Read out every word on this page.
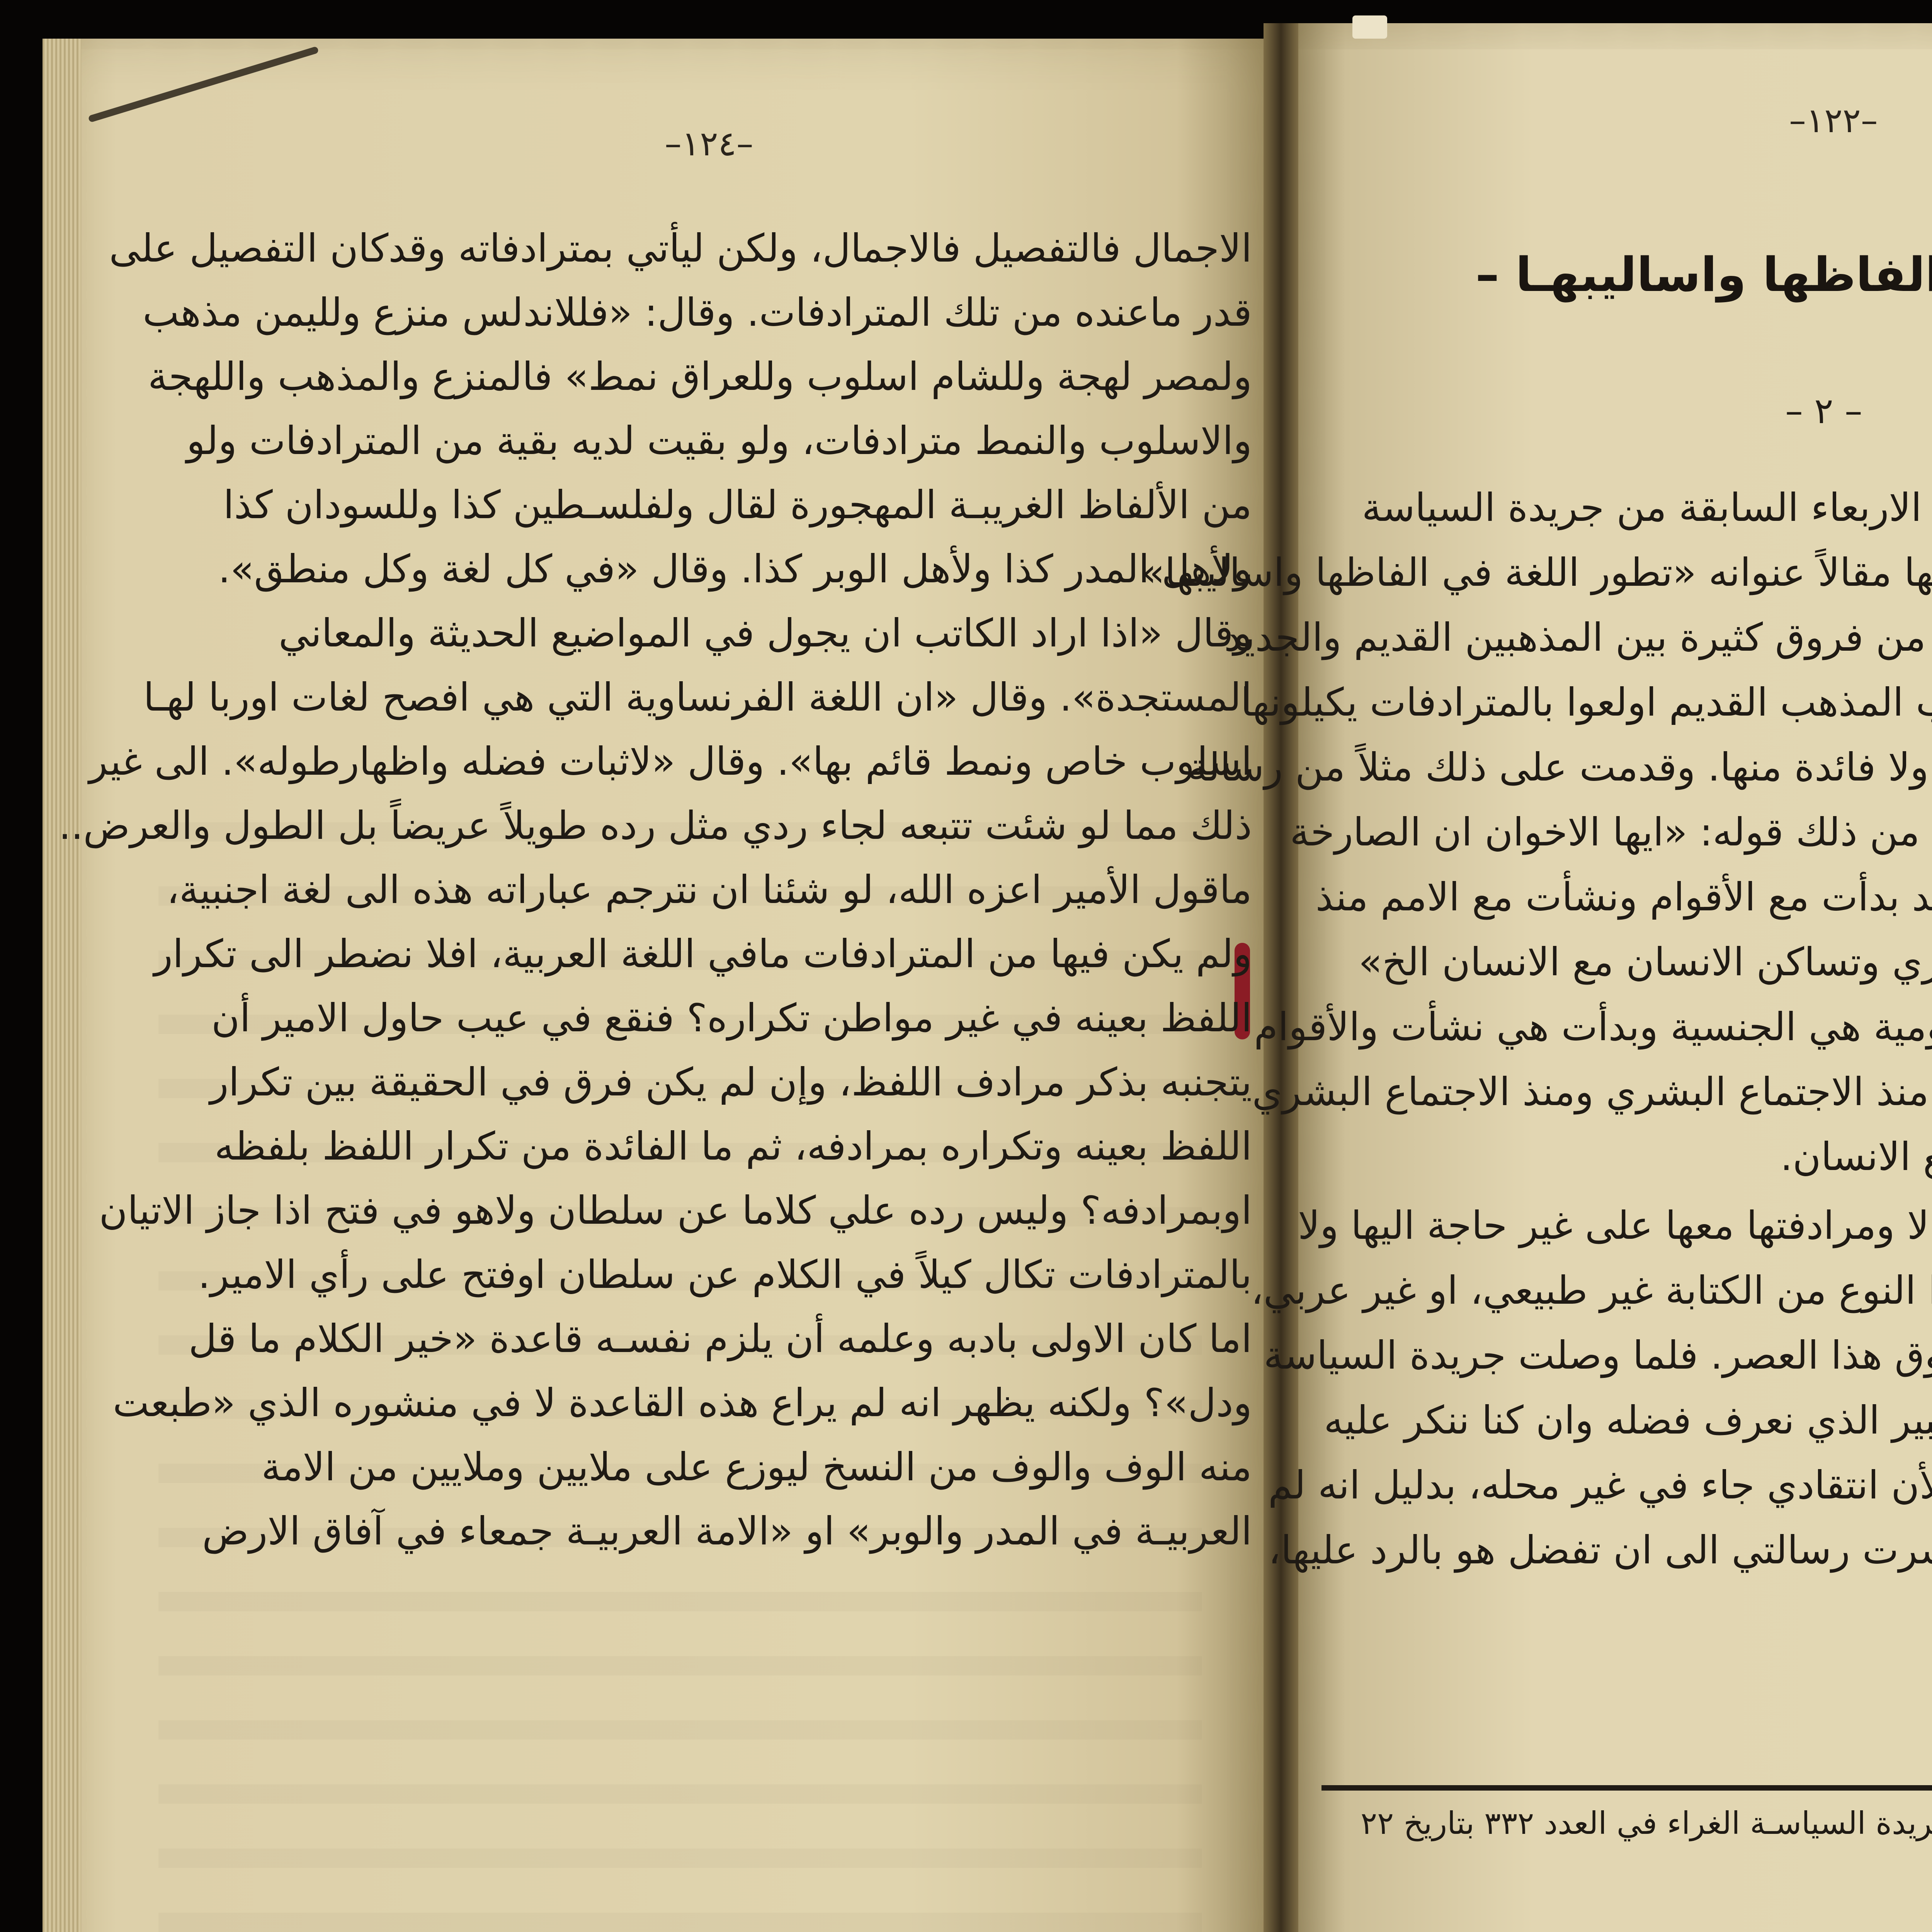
–١٢٤–
الاجمال فالتفصيل فالاجمال، ولكن ليأتي بمترادفاته وقدكان التفصيل على
قدر ماعنده من تلك المترادفات. وقال: «فللاندلس منزع ولليمن مذهب
ولمصر لهجة وللشام اسلوب وللعراق نمط» فالمنزع والمذهب واللهجة
والاسلوب والنمط مترادفات، ولو بقيت لديه بقية من المترادفات ولو
من الألفاظ الغريبـة المهجورة لقال ولفلسـطين كذا وللسودان كذا
ولأهل المدر كذا ولأهل الوبر كذا. وقال «في كل لغة وكل منطق».
وقال «اذا اراد الكاتب ان يجول في المواضيع الحديثة والمعاني
المستجدة». وقال «ان اللغة الفرنساوية التي هي افصح لغات اوربا لهـا
اسلوب خاص ونمط قائم بها». وقال «لاثبات فضله واظهارطوله». الى غير
ذلك مما لو شئت تتبعه لجاء ردي مثل رده طويلاً عريضاً بل الطول والعرض..
ماقول الأمير اعزه الله، لو شئنا ان نترجم عباراته هذه الى لغة اجنبية،
ولم يكن فيها من المترادفات مافي اللغة العربية، افلا نضطر الى تكرار
اللفظ بعينه في غير مواطن تكراره؟ فنقع في عيب حاول الامير أن
يتجنبه بذكر مرادف اللفظ، وإن لم يكن فرق في الحقيقة بين تكرار
اللفظ بعينه وتكراره بمرادفه، ثم ما الفائدة من تكرار اللفظ بلفظه
اوبمرادفه؟ وليس رده علي كلاما عن سلطان ولاهو في فتح اذا جاز الاتيان
بالمترادفات تكال كيلاً في الكلام عن سلطان اوفتح على رأي الامير.
اما كان الاولى بادبه وعلمه أن يلزم نفسـه قاعدة «خير الكلام ما قل
ودل»؟ ولكنه يظهر انه لم يراع هذه القاعدة لا في منشوره الذي «طبعت
منه الوف والوف من النسخ ليوزع على ملايين وملايين من الامة
العربيـة في المدر والوبر» او «الامة العربيـة جمعاء في آفاق الارض
–١٢٢–
الفاظها واساليبهـا –
– ٢ –
الاربعاء السابقة من جريدة السياسة
ها مقالاً عنوانه «تطور اللغة في الفاظها واساليبها»
من فروق كثيرة بين المذهبين القديم والجديد
المذهب القديم اولعوا بالمترادفات يكيلونها
ولا فائدة منها. وقدمت على ذلك مثلاً من رسالة
من ذلك قوله: «ايها الاخوان ان الصارخة
د بدأت مع الأقوام ونشأت مع الامم منذ
ي وتساكن الانسان مع الانسان الخ»
مية هي الجنسية وبدأت هي نشأت والأقوام
منذ الاجتماع البشري ومنذ الاجتماع البشري
الانسان.
لا ومرادفتها معها على غير حاجة اليها ولا
النوع من الكتابة غير طبيعي، او غير عربي،
ق هذا العصر. فلما وصلت جريدة السياسة
ير الذي نعرف فضله وان كنا ننكر عليه
أن انتقادي جاء في غير محله، بدليل انه لم
رت رسالتي الى ان تفضل هو بالرد عليها،
ريدة السياسـة الغراء في العدد ٣٣٢ بتاريخ ٢٢
